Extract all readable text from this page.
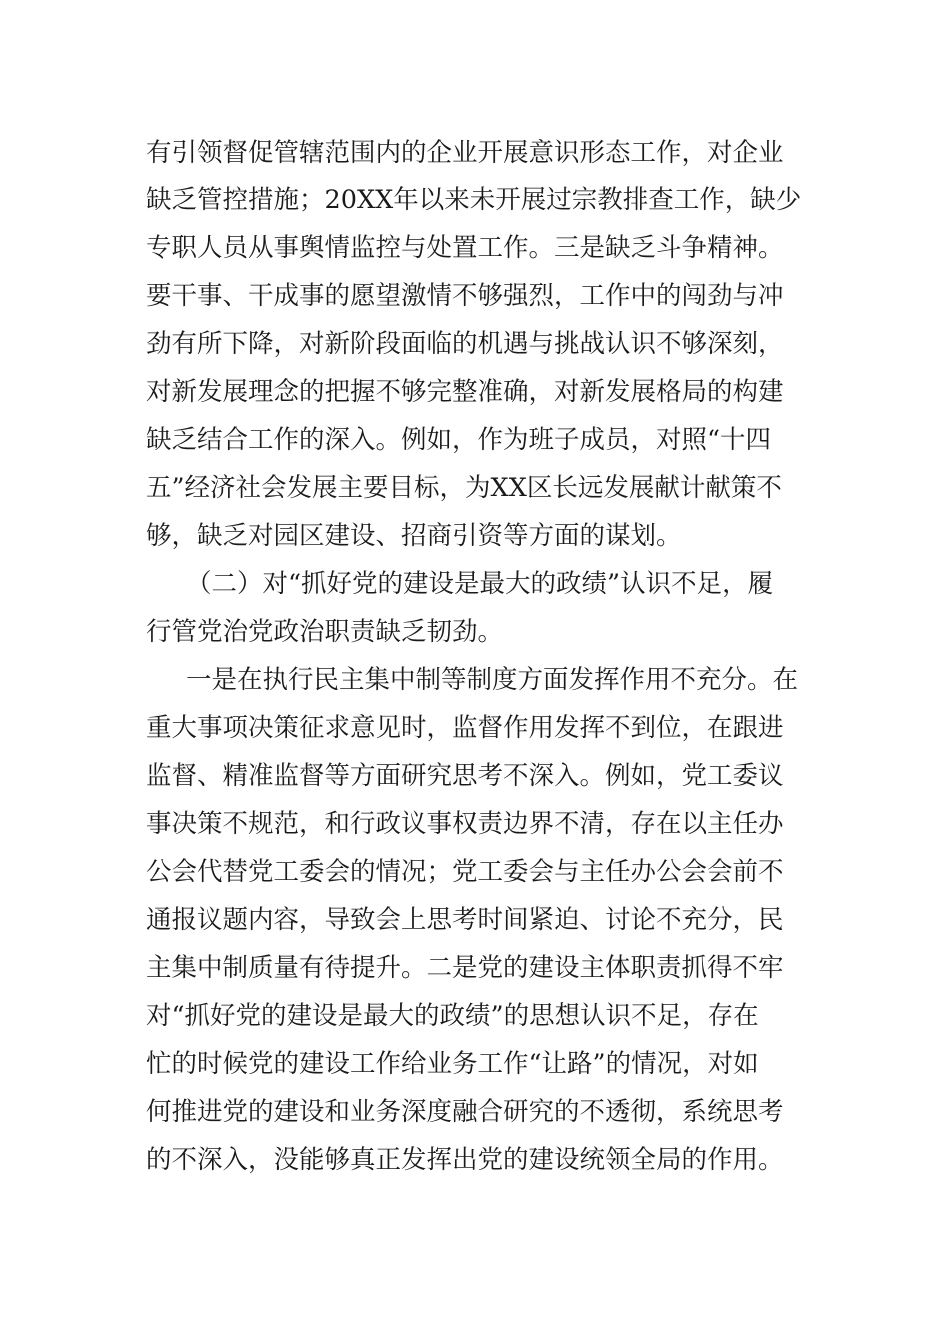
有引领督促管辖范围内的企业开展意识形态工作，对企业
缺乏管控措施；20XX年以来未开展过宗教排查工作，缺少
专职人员从事舆情监控与处置工作。三是缺乏斗争精神。
要干事、干成事的愿望激情不够强烈，工作中的闯劲与冲
劲有所下降，对新阶段面临的机遇与挑战认识不够深刻，
对新发展理念的把握不够完整准确，对新发展格局的构建
缺乏结合工作的深入。例如，作为班子成员，对照“十四
五”经济社会发展主要目标，为XX区长远发展献计献策不
够，缺乏对园区建设、招商引资等方面的谋划。
（二）对“抓好党的建设是最大的政绩”认识不足，履
行管党治党政治职责缺乏韧劲。
一是在执行民主集中制等制度方面发挥作用不充分。在
重大事项决策征求意见时，监督作用发挥不到位，在跟进
监督、精准监督等方面研究思考不深入。例如，党工委议
事决策不规范，和行政议事权责边界不清，存在以主任办
公会代替党工委会的情况；党工委会与主任办公会会前不
通报议题内容，导致会上思考时间紧迫、讨论不充分，民
主集中制质量有待提升。二是党的建设主体职责抓得不牢
对“抓好党的建设是最大的政绩”的思想认识不足，存在
忙的时候党的建设工作给业务工作“让路”的情况，对如
何推进党的建设和业务深度融合研究的不透彻，系统思考
的不深入，没能够真正发挥出党的建设统领全局的作用。
